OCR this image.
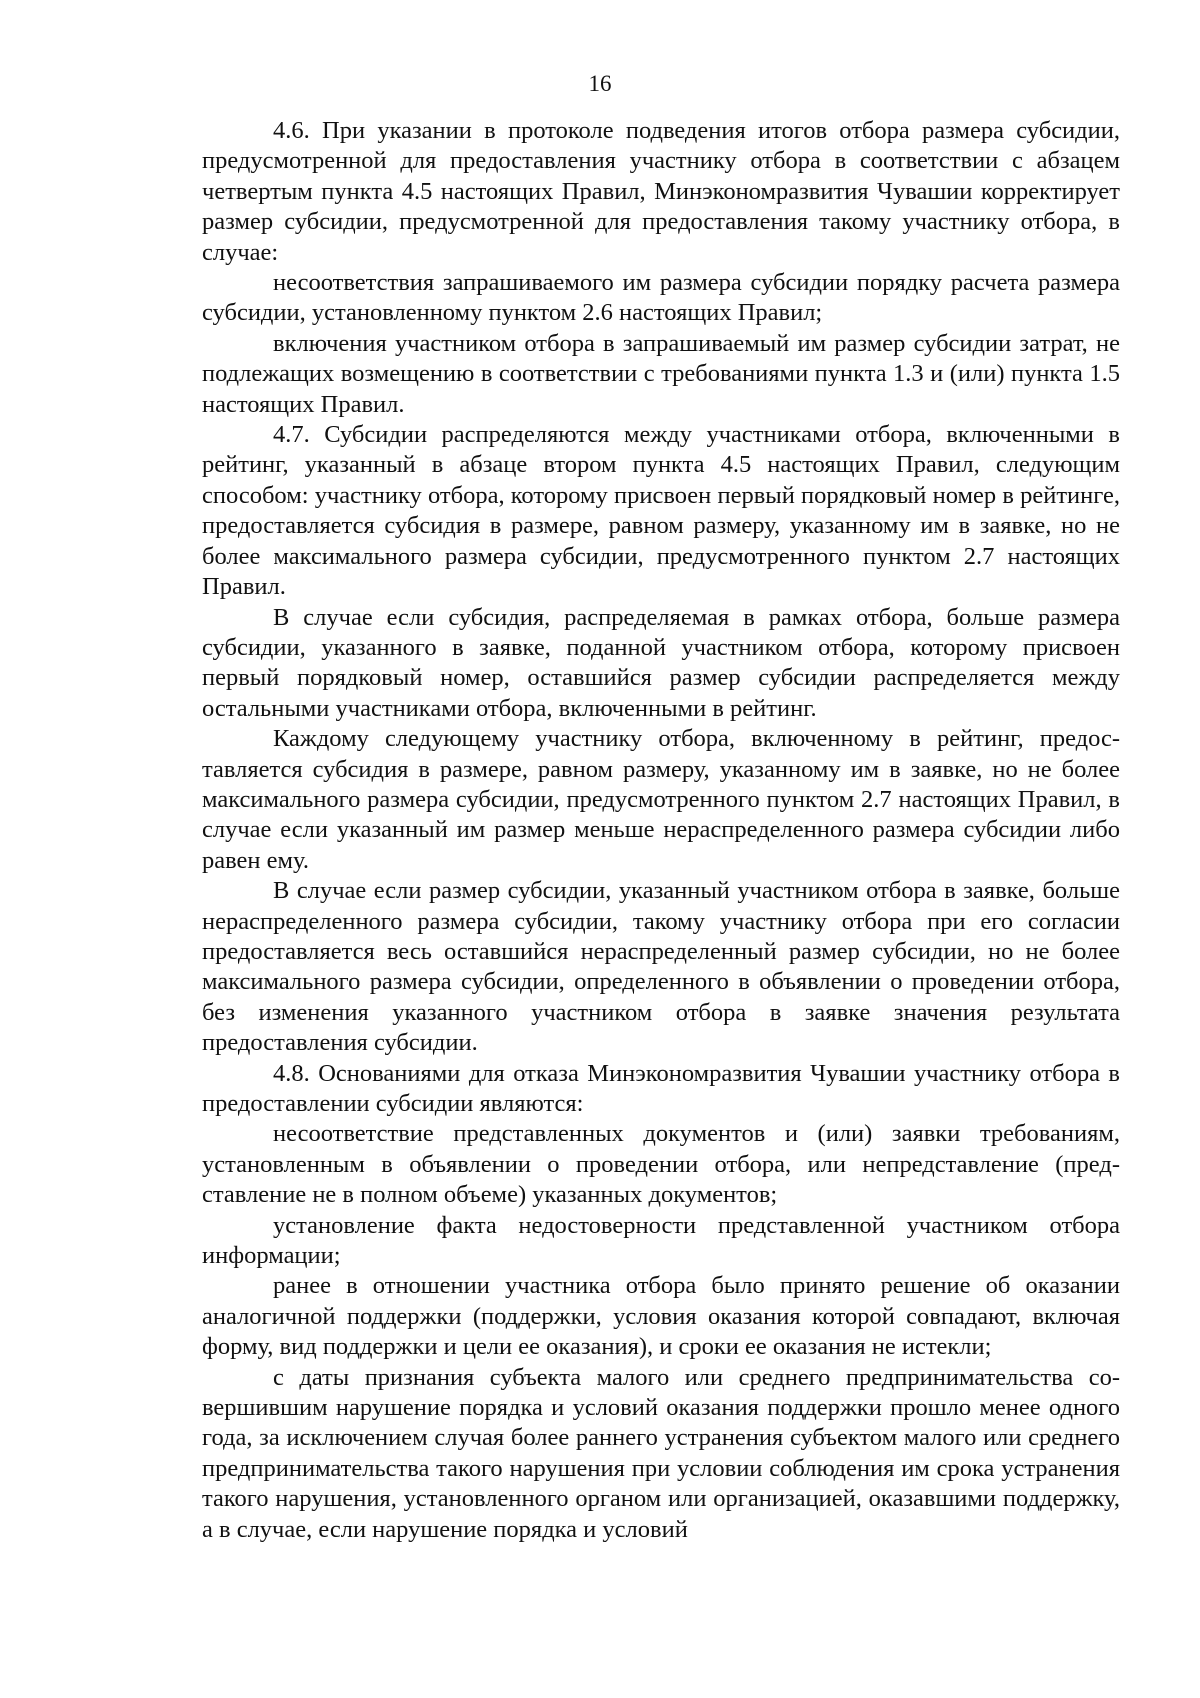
16

4.6. При указании в протоколе подведения итогов отбора размера субсидии, предусмотренной для предоставления участнику отбора в соответствии с абзацем четвертым пункта 4.5 настоящих Правил, Минэкономразвития Чувашии корректирует размер субсидии, предусмотренной для предоставления такому участнику отбора, в случае:

несоответствия запрашиваемого им размера субсидии порядку расчета размера субсидии, установленному пунктом 2.6 настоящих Правил;

включения участником отбора в запрашиваемый им размер субсидии затрат, не подлежащих возмещению в соответствии с требованиями пункта 1.3 и (или) пункта 1.5 настоящих Правил.

4.7. Субсидии распределяются между участниками отбора, включенными в рейтинг, указанный в абзаце втором пункта 4.5 настоящих Правил, следующим способом: участнику отбора, которому присвоен первый порядковый номер в рейтинге, предоставляется субсидия в размере, равном размеру, указанному им в заявке, но не более максимального размера субсидии, предусмотренного пунктом 2.7 настоящих Правил.

В случае если субсидия, распределяемая в рамках отбора, больше размера субсидии, указанного в заявке, поданной участником отбора, которому присвоен первый порядковый номер, оставшийся размер субсидии распределяется между остальными участниками отбора, включенными в рейтинг.

Каждому следующему участнику отбора, включенному в рейтинг, предоставляется субсидия в размере, равном размеру, указанному им в заявке, но не более максимального размера субсидии, предусмотренного пунктом 2.7 настоящих Правил, в случае если указанный им размер меньше нераспределенного размера субсидии либо равен ему.

В случае если размер субсидии, указанный участником отбора в заявке, больше нераспределенного размера субсидии, такому участнику отбора при его согласии предоставляется весь оставшийся нераспределенный размер субсидии, но не более максимального размера субсидии, определенного в объявлении о проведении отбора, без изменения указанного участником отбора в заявке значения результата предоставления субсидии.

4.8. Основаниями для отказа Минэкономразвития Чувашии участнику отбора в предоставлении субсидии являются:

несоответствие представленных документов и (или) заявки требованиям, установленным в объявлении о проведении отбора, или непредставление (представление не в полном объеме) указанных документов;

установление факта недостоверности представленной участником отбора информации;

ранее в отношении участника отбора было принято решение об оказании аналогичной поддержки (поддержки, условия оказания которой совпадают, включая форму, вид поддержки и цели ее оказания), и сроки ее оказания не истекли;

с даты признания субъекта малого или среднего предпринимательства совершившим нарушение порядка и условий оказания поддержки прошло менее одного года, за исключением случая более раннего устранения субъектом малого или среднего предпринимательства такого нарушения при условии соблюдения им срока устранения такого нарушения, установленного органом или организацией, оказавшими поддержку, а в случае, если нарушение порядка и условий
